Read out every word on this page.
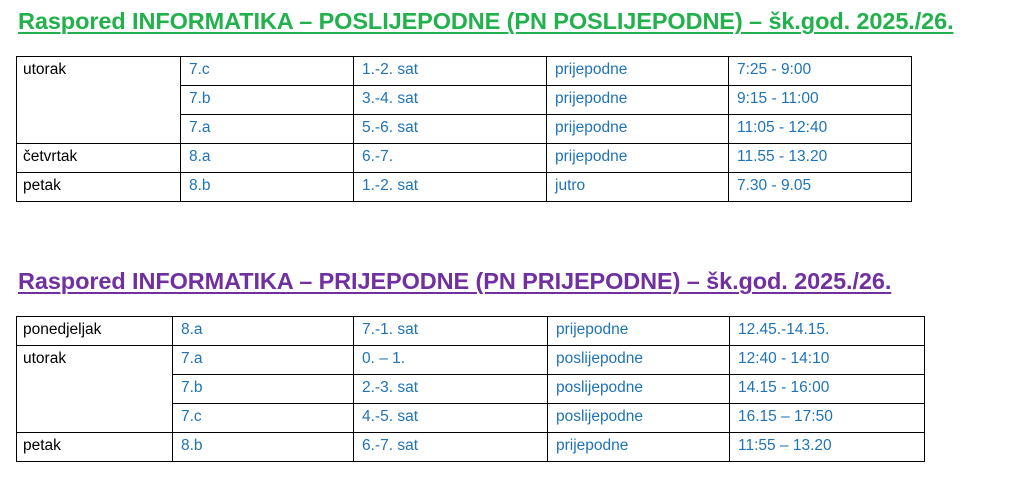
Raspored INFORMATIKA – POSLIJEPODNE (PN POSLIJEPODNE) – šk.god. 2025./26.
utorak	7.c	1.-2. sat	prijepodne	7:25 - 9:00
	7.b	3.-4. sat	prijepodne	9:15 - 11:00
	7.a	5.-6. sat	prijepodne	11:05 - 12:40
četvrtak	8.a	6.-7.	prijepodne	11.55 - 13.20
petak	8.b	1.-2. sat	jutro	7.30 - 9.05
Raspored INFORMATIKA – PRIJEPODNE (PN PRIJEPODNE) – šk.god. 2025./26.
ponedjeljak	8.a	7.-1. sat	prijepodne	12.45.-14.15.
utorak	7.a	0. – 1.	poslijepodne	12:40 - 14:10
	7.b	2.-3. sat	poslijepodne	14.15 - 16:00
	7.c	4.-5. sat	poslijepodne	16.15 – 17:50
petak	8.b	6.-7. sat	prijepodne	11:55 – 13.20
